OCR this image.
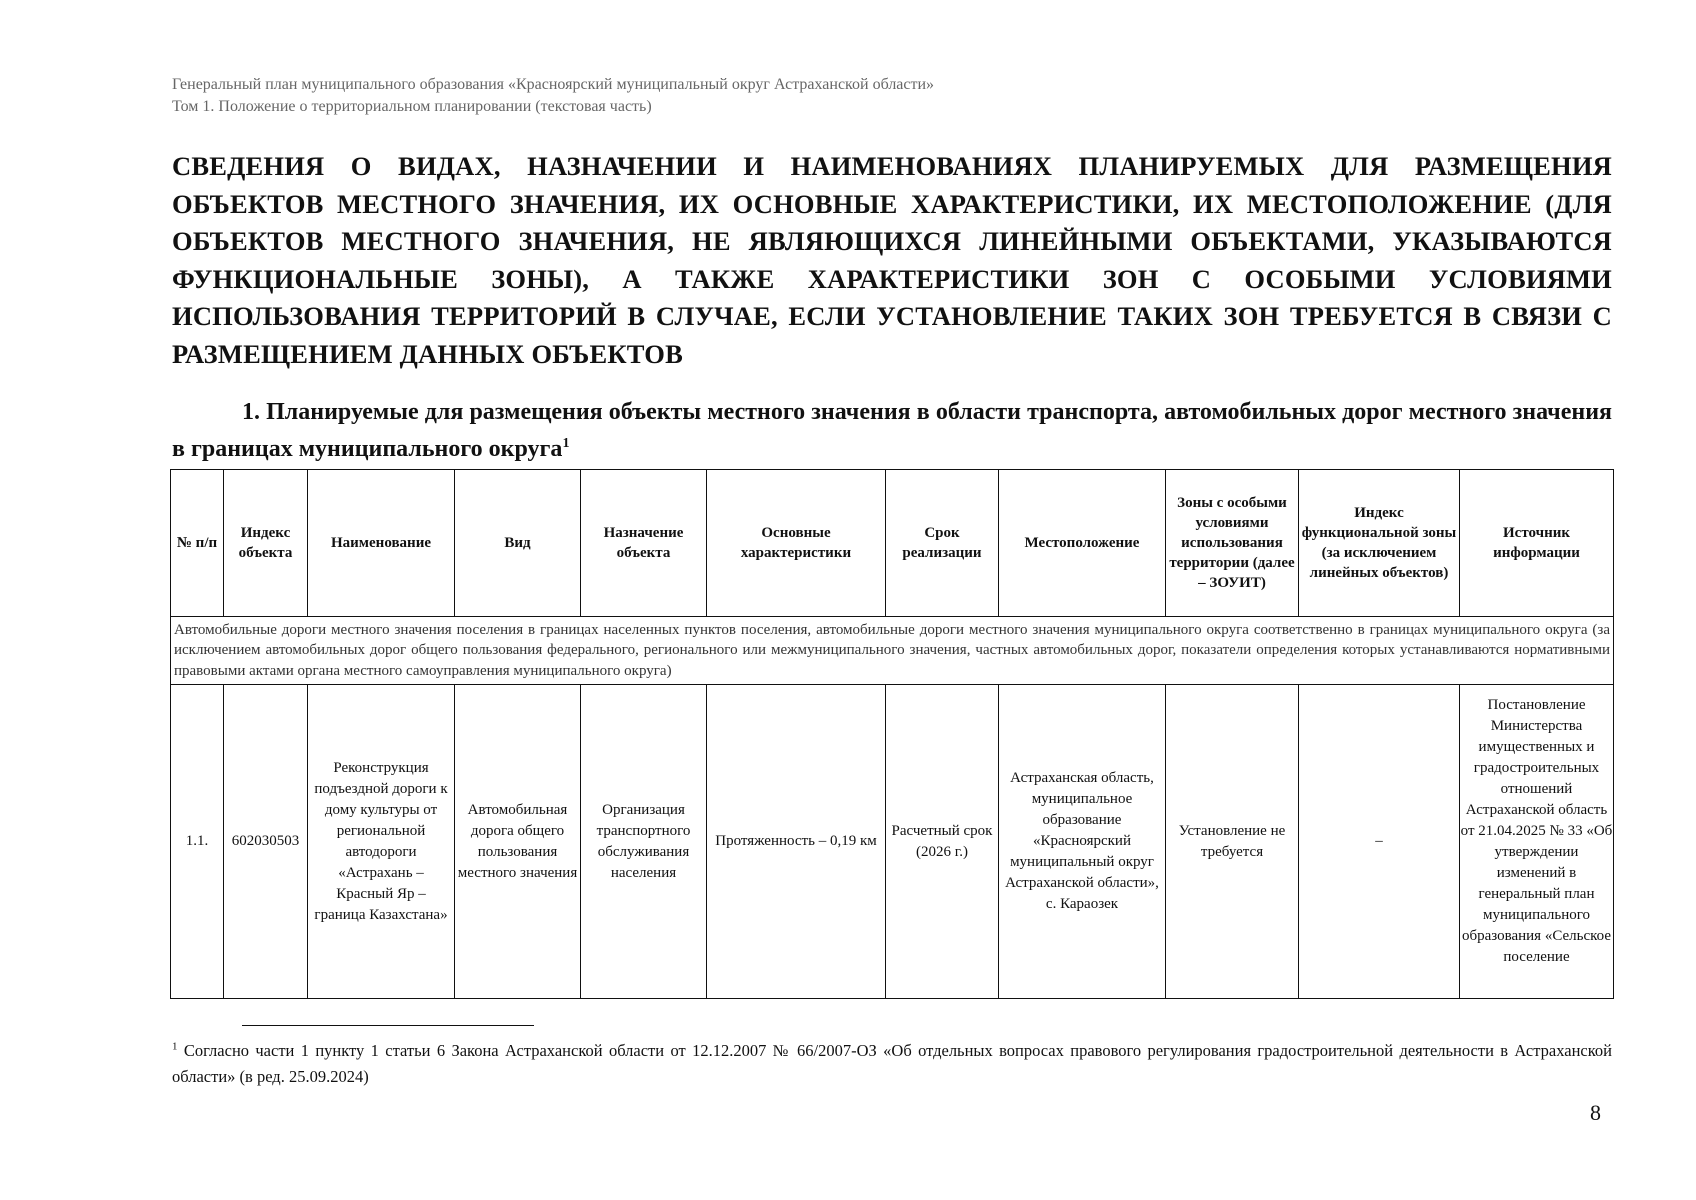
Генеральный план муниципального образования «Красноярский муниципальный округ Астраханской области»
Том 1. Положение о территориальном планировании (текстовая часть)
СВЕДЕНИЯ О ВИДАХ, НАЗНАЧЕНИИ И НАИМЕНОВАНИЯХ ПЛАНИРУЕМЫХ ДЛЯ РАЗМЕЩЕНИЯ ОБЪЕКТОВ МЕСТНОГО ЗНАЧЕНИЯ, ИХ ОСНОВНЫЕ ХАРАКТЕРИСТИКИ, ИХ МЕСТОПОЛОЖЕНИЕ (ДЛЯ ОБЪЕКТОВ МЕСТНОГО ЗНАЧЕНИЯ, НЕ ЯВЛЯЮЩИХСЯ ЛИНЕЙНЫМИ ОБЪЕКТАМИ, УКАЗЫВАЮТСЯ ФУНКЦИОНАЛЬНЫЕ ЗОНЫ), А ТАКЖЕ ХАРАКТЕРИСТИКИ ЗОН С ОСОБЫМИ УСЛОВИЯМИ ИСПОЛЬЗОВАНИЯ ТЕРРИТОРИЙ В СЛУЧАЕ, ЕСЛИ УСТАНОВЛЕНИЕ ТАКИХ ЗОН ТРЕБУЕТСЯ В СВЯЗИ С РАЗМЕЩЕНИЕМ ДАННЫХ ОБЪЕКТОВ
1. Планируемые для размещения объекты местного значения в области транспорта, автомобильных дорог местного значения в границах муниципального округа$^1$
№ п/п	Индекс объекта	Наименование	Вид	Назначение объекта	Основные характеристики	Срок реализации	Местоположение	Зоны с особыми условиями использования территории (далее – ЗОУИТ)	Индекс функциональной зоны (за исключением линейных объектов)	Источник информации
Автомобильные дороги местного значения поселения в границах населенных пунктов поселения, автомобильные дороги местного значения муниципального округа соответственно в границах муниципального округа (за исключением автомобильных дорог общего пользования федерального, регионального или межмуниципального значения, частных автомобильных дорог, показатели определения которых устанавливаются нормативными правовыми актами органа местного самоуправления муниципального округа)										
1.1.	602030503	Реконструкция подъездной дороги к дому культуры от региональной автодороги «Астрахань – Красный Яр – граница Казахстана»	Автомобильная дорога общего пользования местного значения	Организация транспортного обслуживания населения	Протяженность – 0,19 км	Расчетный срок (2026 г.)	Астраханская область, муниципальное образование «Красноярский муниципальный округ Астраханской области», с. Караозек	Установление не требуется	–	Постановление Министерства имущественных и градостроительных отношений Астраханской область от 21.04.2025 № 33 «Об утверждении изменений в генеральный план муниципального образования «Сельское поселение
$^1$ Согласно части 1 пункту 1 статьи 6 Закона Астраханской области от 12.12.2007 № 66/2007-ОЗ «Об отдельных вопросах правового регулирования градостроительной деятельности в Астраханской области» (в ред. 25.09.2024)
8
